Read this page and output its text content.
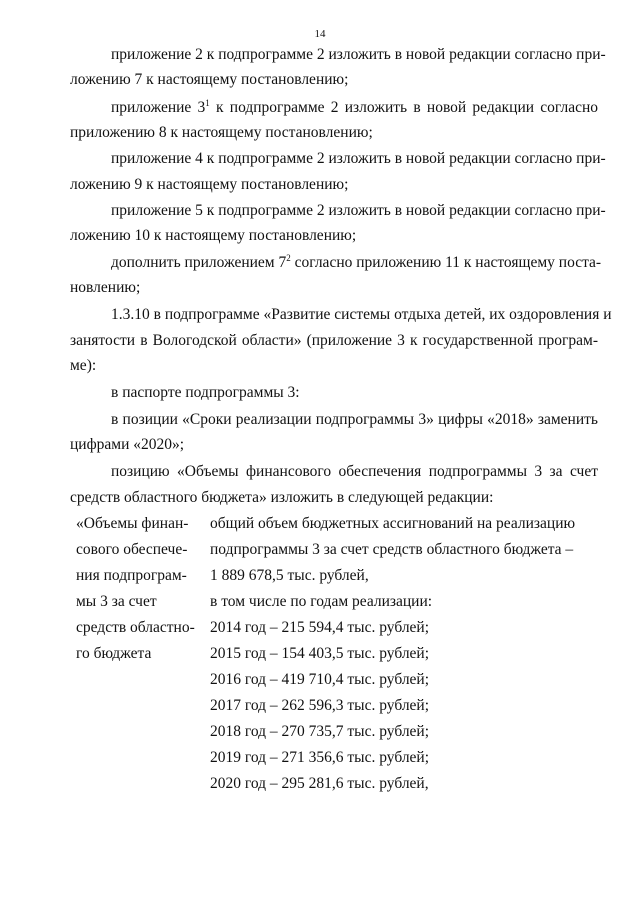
14
приложение 2 к подпрограмме 2 изложить в новой редакции согласно при-
ложению 7 к настоящему постановлению;
приложение $3^1$ к подпрограмме 2 изложить в новой редакции согласно
приложению 8 к настоящему постановлению;
приложение 4 к подпрограмме 2 изложить в новой редакции согласно при-
ложению 9 к настоящему постановлению;
приложение 5 к подпрограмме 2 изложить в новой редакции согласно при-
ложению 10 к настоящему постановлению;
дополнить приложением $7^2$ согласно приложению 11 к настоящему поста-
новлению;
1.3.10 в подпрограмме «Развитие системы отдыха детей, их оздоровления и
занятости в Вологодской области» (приложение 3 к государственной програм-
ме):
в паспорте подпрограммы 3:
в позиции «Сроки реализации подпрограммы 3» цифры «2018» заменить
цифрами «2020»;
позицию «Объемы финансового обеспечения подпрограммы 3 за счет
средств областного бюджета» изложить в следующей редакции:
«Объемы финан-
сового обеспече-
ния подпрограм-
мы 3 за счет
средств областно-
го бюджета
общий объем бюджетных ассигнований на реализацию
подпрограммы 3 за счет средств областного бюджета –
1 889 678,5 тыс. рублей,
в том числе по годам реализации:
2014 год – 215 594,4 тыс. рублей;
2015 год – 154 403,5 тыс. рублей;
2016 год – 419 710,4 тыс. рублей;
2017 год – 262 596,3 тыс. рублей;
2018 год – 270 735,7 тыс. рублей;
2019 год – 271 356,6 тыс. рублей;
2020 год – 295 281,6 тыс. рублей,
